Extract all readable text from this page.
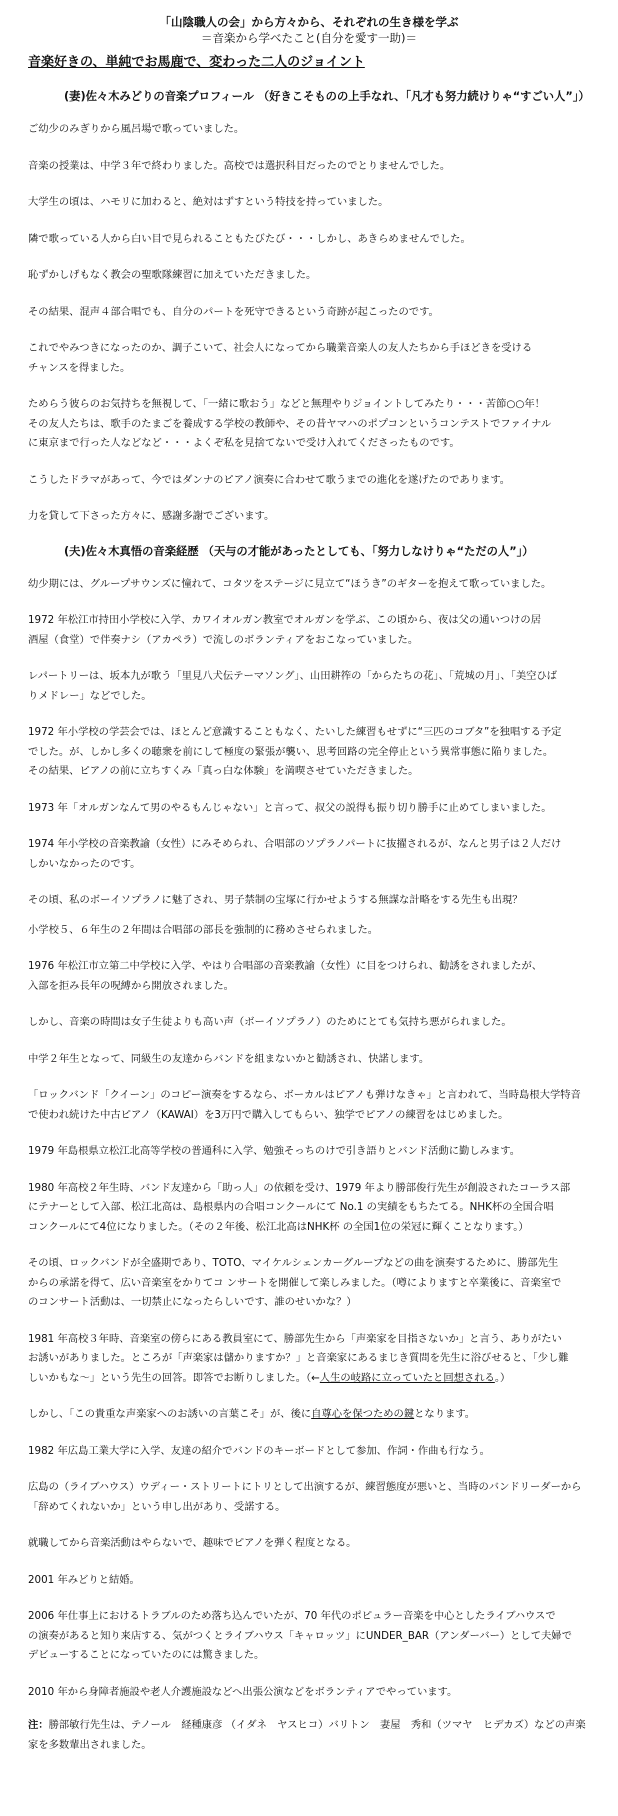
「山陰職人の会」から方々から、それぞれの生き様を学ぶ
＝音楽から学べたこと(自分を愛す一助)＝
音楽好きの、単純でお馬鹿で、変わった二人のジョイント
(妻)佐々木みどりの音楽プロフィール （好きこそものの上手なれ、「凡才も努力続けりゃ“すごい人”」）
ご幼少のみぎりから風呂場で歌っていました。
音楽の授業は、中学３年で終わりました。高校では選択科目だったのでとりませんでした。
大学生の頃は、ハモリに加わると、絶対はずすという特技を持っていました。
隣で歌っている人から白い目で見られることもたびたび・・・しかし、あきらめませんでした。
恥ずかしげもなく教会の聖歌隊練習に加えていただきました。
その結果、混声４部合唱でも、自分のパートを死守できるという奇跡が起こったのです。
これでやみつきになったのか、調子こいて、社会人になってから職業音楽人の友人たちから手ほどきを受ける
チャンスを得ました。
ためらう彼らのお気持ちを無視して、「一緒に歌おう」などと無理やりジョイントしてみたり・・・苦節○○年！
その友人たちは、歌手のたまごを養成する学校の教師や、その昔ヤマハのポプコンというコンテストでファイナル
に東京まで行った人などなど・・・よくぞ私を見捨てないで受け入れてくださったものです。
こうしたドラマがあって、今ではダンナのピアノ演奏に合わせて歌うまでの進化を遂げたのであります。
力を貸して下さった方々に、感謝多謝でございます。
(夫)佐々木真悟の音楽経歴 （天与の才能があったとしても、「努力しなけりゃ“ただの人”」）
幼少期には、グループサウンズに憧れて、コタツをステージに見立て“ほうき”のギターを抱えて歌っていました。
1972 年松江市持田小学校に入学、カワイオルガン教室でオルガンを学ぶ、この頃から、夜は父の通いつけの居
酒屋（食堂）で伴奏ナシ（アカペラ）で流しのボランティアをおこなっていました。
レパートリーは、坂本九が歌う「里見八犬伝テーマソング」、山田耕筰の「からたちの花」、「荒城の月」、「美空ひば
りメドレー」などでした。
1972 年小学校の学芸会では、ほとんど意識することもなく、たいした練習もせずに“三匹のコブタ”を独唱する予定
でした。が、しかし多くの聴衆を前にして極度の緊張が襲い、思考回路の完全停止という異常事態に陥りました。
その結果、ピアノの前に立ちすくみ「真っ白な体験」を満喫させていただきました。
1973 年「オルガンなんて男のやるもんじゃない」と言って、叔父の説得も振り切り勝手に止めてしまいました。
1974 年小学校の音楽教諭（女性）にみそめられ、合唱部のソプラノパートに抜擢されるが、なんと男子は２人だけ
しかいなかったのです。
その頃、私のボーイソプラノに魅了され、男子禁制の宝塚に行かせようする無謀な計略をする先生も出現？
小学校５、６年生の２年間は合唱部の部長を強制的に務めさせられました。
1976 年松江市立第二中学校に入学、やはり合唱部の音楽教諭（女性）に目をつけられ、勧誘をされましたが、
入部を拒み長年の呪縛から開放されました。
しかし、音楽の時間は女子生徒よりも高い声（ボーイソプラノ）のためにとても気持ち悪がられました。
中学２年生となって、同級生の友達からバンドを組まないかと勧誘され、快諾します。
「ロックバンド「クイーン」のコピー演奏をするなら、ボーカルはピアノも弾けなきゃ」と言われて、当時島根大学特音
で使われ続けた中古ピアノ（KAWAI）を3万円で購入してもらい、独学でピアノの練習をはじめました。
1979 年島根県立松江北高等学校の普通科に入学、勉強そっちのけで引き語りとバンド活動に勤しみます。
1980 年高校２年生時、バンド友達から「助っ人」の依頼を受け、1979 年より勝部俊行先生が創設されたコーラス部
にテナーとして入部、松江北高は、島根県内の合唱コンクールにて No.1 の実績をもちたてる。NHK杯の全国合唱
コンクールにて4位になりました。（その２年後、松江北高はNHK杯 の全国1位の栄冠に輝くことなります。）
その頃、ロックバンドが全盛期であり、TOTO、マイケルシェンカーグループなどの曲を演奏するために、勝部先生
からの承諾を得て、広い音楽室をかりてコ ンサートを開催して楽しみました。（噂によりますと卒業後に、音楽室で
のコンサート活動は、一切禁止になったらしいです、誰のせいかな？）
1981 年高校３年時、音楽室の傍らにある教員室にて、勝部先生から「声楽家を目指さないか」と言う、ありがたい
お誘いがありました。ところが「声楽家は儲かりますか？」と音楽家にあるまじき質問を先生に浴びせると、「少し難
しいかもな～」という先生の回答。即答でお断りしました。（←人生の岐路に立っていたと回想される。）
しかし、「この貴重な声楽家へのお誘いの言葉こそ」が、後に自尊心を保つための鍵となります。
1982 年広島工業大学に入学、友達の紹介でバンドのキーボードとして参加、作詞・作曲も行なう。
広島の（ライブハウス）ウディー・ストリートにトリとして出演するが、練習態度が悪いと、当時のバンドリーダーから
「辞めてくれないか」という申し出があり、受諾する。
就職してから音楽活動はやらないで、趣味でピアノを弾く程度となる。
2001 年みどりと結婚。
2006 年仕事上におけるトラブルのため落ち込んでいたが、70 年代のポピュラー音楽を中心としたライブハウスで
の演奏があると知り来店する、気がつくとライブハウス「キャロッツ」にUNDER_BAR（アンダーバー）として夫婦で
デビューすることになっていたのには驚きました。
2010 年から身障者施設や老人介護施設などへ出張公演などをボランティアでやっています。
注：勝部敏行先生は、テノール　経種康彦 （イダネ　ヤスヒコ）バリトン　妻屋　秀和（ツマヤ　ヒデカズ）などの声楽
家を多数輩出されました。
